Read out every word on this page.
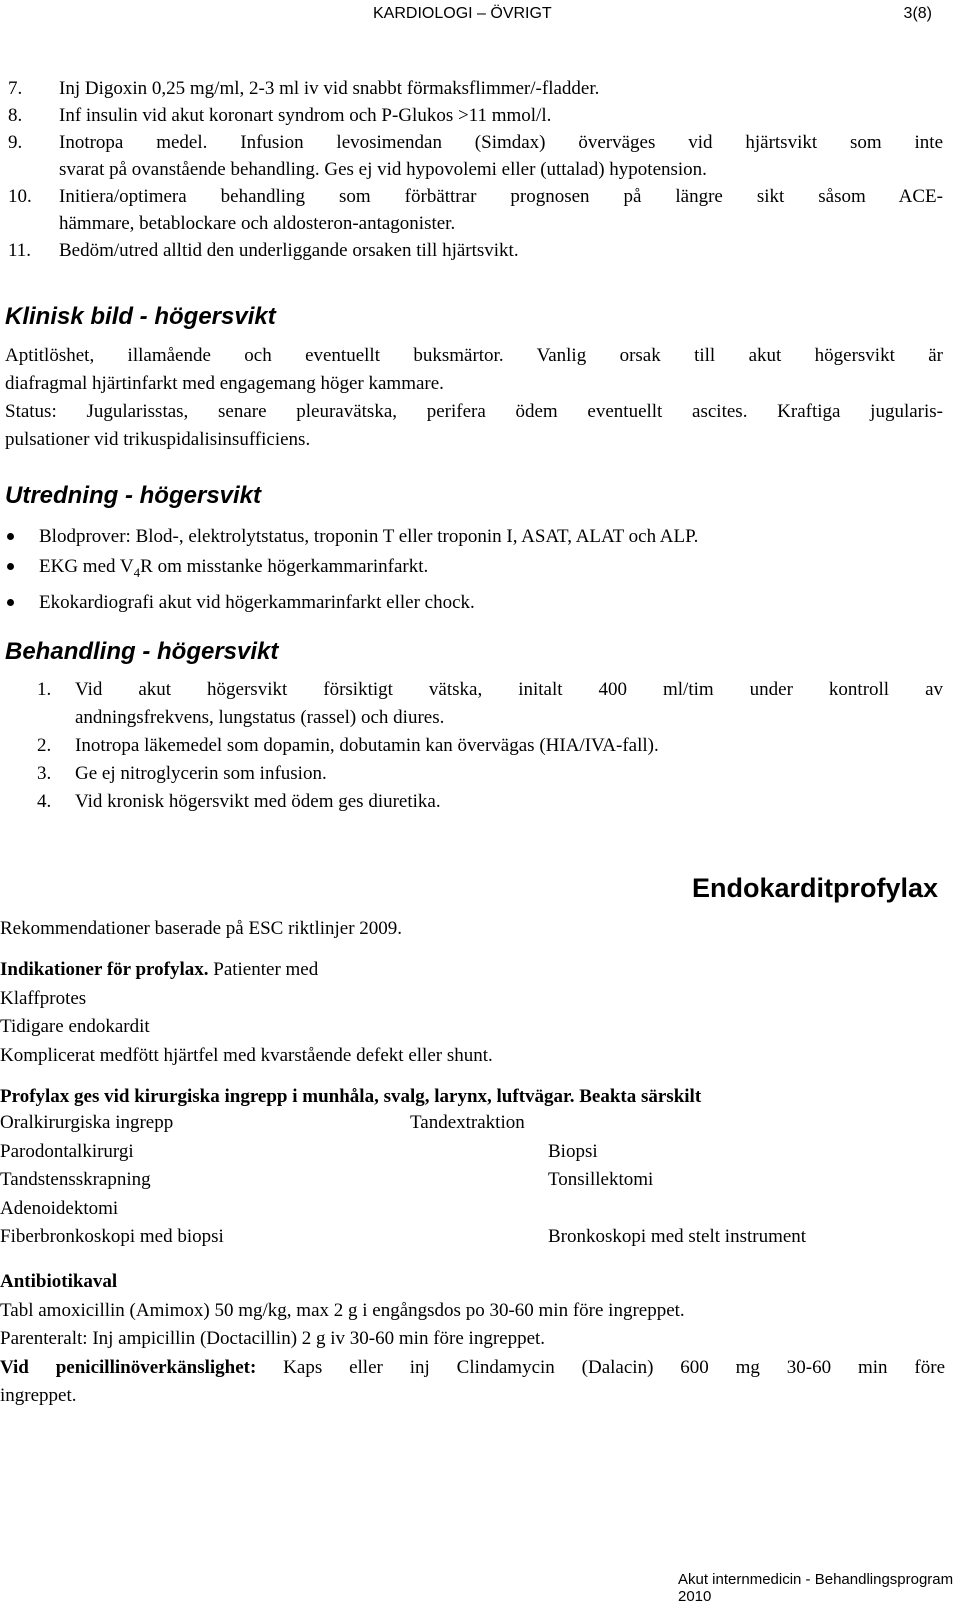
KARDIOLOGI – ÖVRIGT	3(8)
7. Inj Digoxin 0,25 mg/ml, 2-3 ml iv vid snabbt förmaksflimmer/-fladder.
8. Inf insulin vid akut koronart syndrom och P-Glukos >11 mmol/l.
9. Inotropa medel. Infusion levosimendan (Simdax) överväges vid hjärtsvikt som inte
svarat på ovanstående behandling. Ges ej vid hypovolemi eller (uttalad) hypotension.
10. Initiera/optimera behandling som förbättrar prognosen på längre sikt såsom ACE-
hämmare, betablockare och aldosteron-antagonister.
11. Bedöm/utred alltid den underliggande orsaken till hjärtsvikt.
Klinisk bild - högersvikt
Aptitlöshet, illamående och eventuellt buksmärtor. Vanlig orsak till akut högersvikt är
diafragmal hjärtinfarkt med engagemang höger kammare.
Status: Jugularisstas, senare pleuravätska, perifera ödem eventuellt ascites. Kraftiga jugularis-
pulsationer vid trikuspidalisinsufficiens.
Utredning - högersvikt
Blodprover: Blod-, elektrolytstatus, troponin T eller troponin I, ASAT, ALAT och ALP.
EKG med $V_4R$ om misstanke högerkammarinfarkt.
Ekokardiografi akut vid högerkammarinfarkt eller chock.
Behandling - högersvikt
1. Vid akut högersvikt försiktigt vätska, initalt 400 ml/tim under kontroll av
andningsfrekvens, lungstatus (rassel) och diures.
2. Inotropa läkemedel som dopamin, dobutamin kan övervägas (HIA/IVA-fall).
3. Ge ej nitroglycerin som infusion.
4. Vid kronisk högersvikt med ödem ges diuretika.
Endokarditprofylax
Rekommendationer baserade på ESC riktlinjer 2009.
Indikationer för profylax. Patienter med
Klaffprotes
Tidigare endokardit
Komplicerat medfött hjärtfel med kvarstående defekt eller shunt.
Profylax ges vid kirurgiska ingrepp i munhåla, svalg, larynx, luftvägar. Beakta särskilt
Oralkirurgiska ingrepp	Tandextraktion
Parodontalkirurgi	Biopsi
Tandstensskrapning	Tonsillektomi
Adenoidektomi
Fiberbronkoskopi med biopsi	Bronkoskopi med stelt instrument
Antibiotikaval
Tabl amoxicillin (Amimox) 50 mg/kg, max 2 g i engångsdos po 30-60 min före ingreppet.
Parenteralt: Inj ampicillin (Doctacillin) 2 g iv 30-60 min före ingreppet.
Vid penicillinöverkänslighet: Kaps eller inj Clindamycin (Dalacin) 600 mg 30-60 min före
ingreppet.
Akut internmedicin - Behandlingsprogram 2010
